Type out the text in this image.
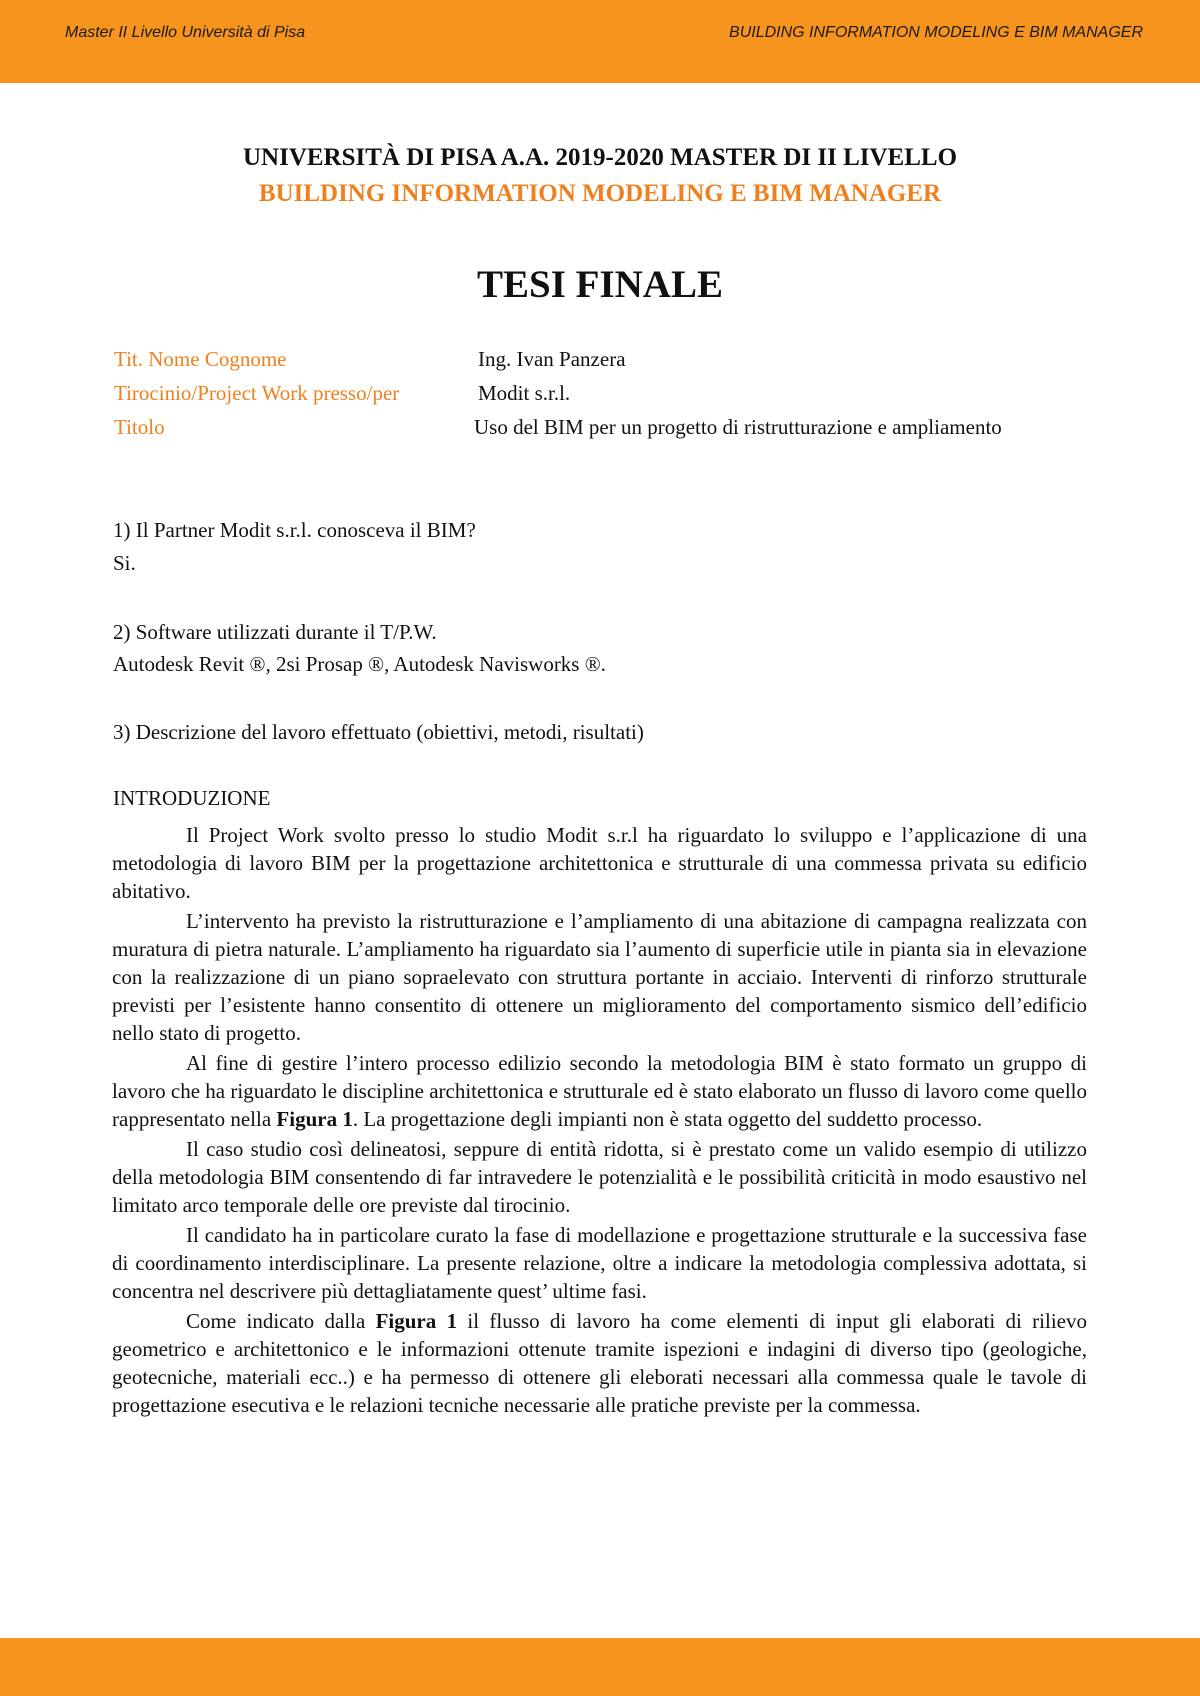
Master II Livello Università di Pisa	BUILDING INFORMATION MODELING E BIM MANAGER
UNIVERSITÀ DI PISA A.A. 2019-2020 MASTER DI II LIVELLO
BUILDING INFORMATION MODELING E BIM MANAGER
TESI FINALE
Tit. Nome Cognome	Ing. Ivan Panzera
Tirocinio/Project Work presso/per	Modit s.r.l.
Titolo	Uso del BIM per un progetto di ristrutturazione e ampliamento
1) Il Partner Modit s.r.l. conosceva il BIM?
Si.
2) Software utilizzati durante il T/P.W.
Autodesk Revit ®, 2si Prosap ®, Autodesk Navisworks ®.
3) Descrizione del lavoro effettuato (obiettivi, metodi, risultati)
INTRODUZIONE

Il Project Work svolto presso lo studio Modit s.r.l ha riguardato lo sviluppo e l’applicazione di una metodologia di lavoro BIM per la progettazione architettonica e strutturale di una commessa privata su edificio abitativo.

L’intervento ha previsto la ristrutturazione e l’ampliamento di una abitazione di campagna realizzata con muratura di pietra naturale. L’ampliamento ha riguardato sia l’aumento di superficie utile in pianta sia in elevazione con la realizzazione di un piano sopraelevato con struttura portante in acciaio. Interventi di rinforzo strutturale previsti per l’esistente hanno consentito di ottenere un miglioramento del comportamento sismico dell’edificio nello stato di progetto.

Al fine di gestire l’intero processo edilizio secondo la metodologia BIM è stato formato un gruppo di lavoro che ha riguardato le discipline architettonica e strutturale ed è stato elaborato un flusso di lavoro come quello rappresentato nella Figura 1. La progettazione degli impianti non è stata oggetto del suddetto processo.

Il caso studio così delineatosi, seppure di entità ridotta, si è prestato come un valido esempio di utilizzo della metodologia BIM consentendo di far intravedere le potenzialità e le possibilità criticità in modo esaustivo nel limitato arco temporale delle ore previste dal tirocinio.

Il candidato ha in particolare curato la fase di modellazione e progettazione strutturale e la successiva fase di coordinamento interdisciplinare. La presente relazione, oltre a indicare la metodologia complessiva adottata, si concentra nel descrivere più dettagliatamente quest’ ultime fasi.

Come indicato dalla Figura 1 il flusso di lavoro ha come elementi di input gli elaborati di rilievo geometrico e architettonico e le informazioni ottenute tramite ispezioni e indagini di diverso tipo (geologiche, geotecniche, materiali ecc..) e ha permesso di ottenere gli eleborati necessari alla commessa quale le tavole di progettazione esecutiva e le relazioni tecniche necessarie alle pratiche previste per la commessa.
